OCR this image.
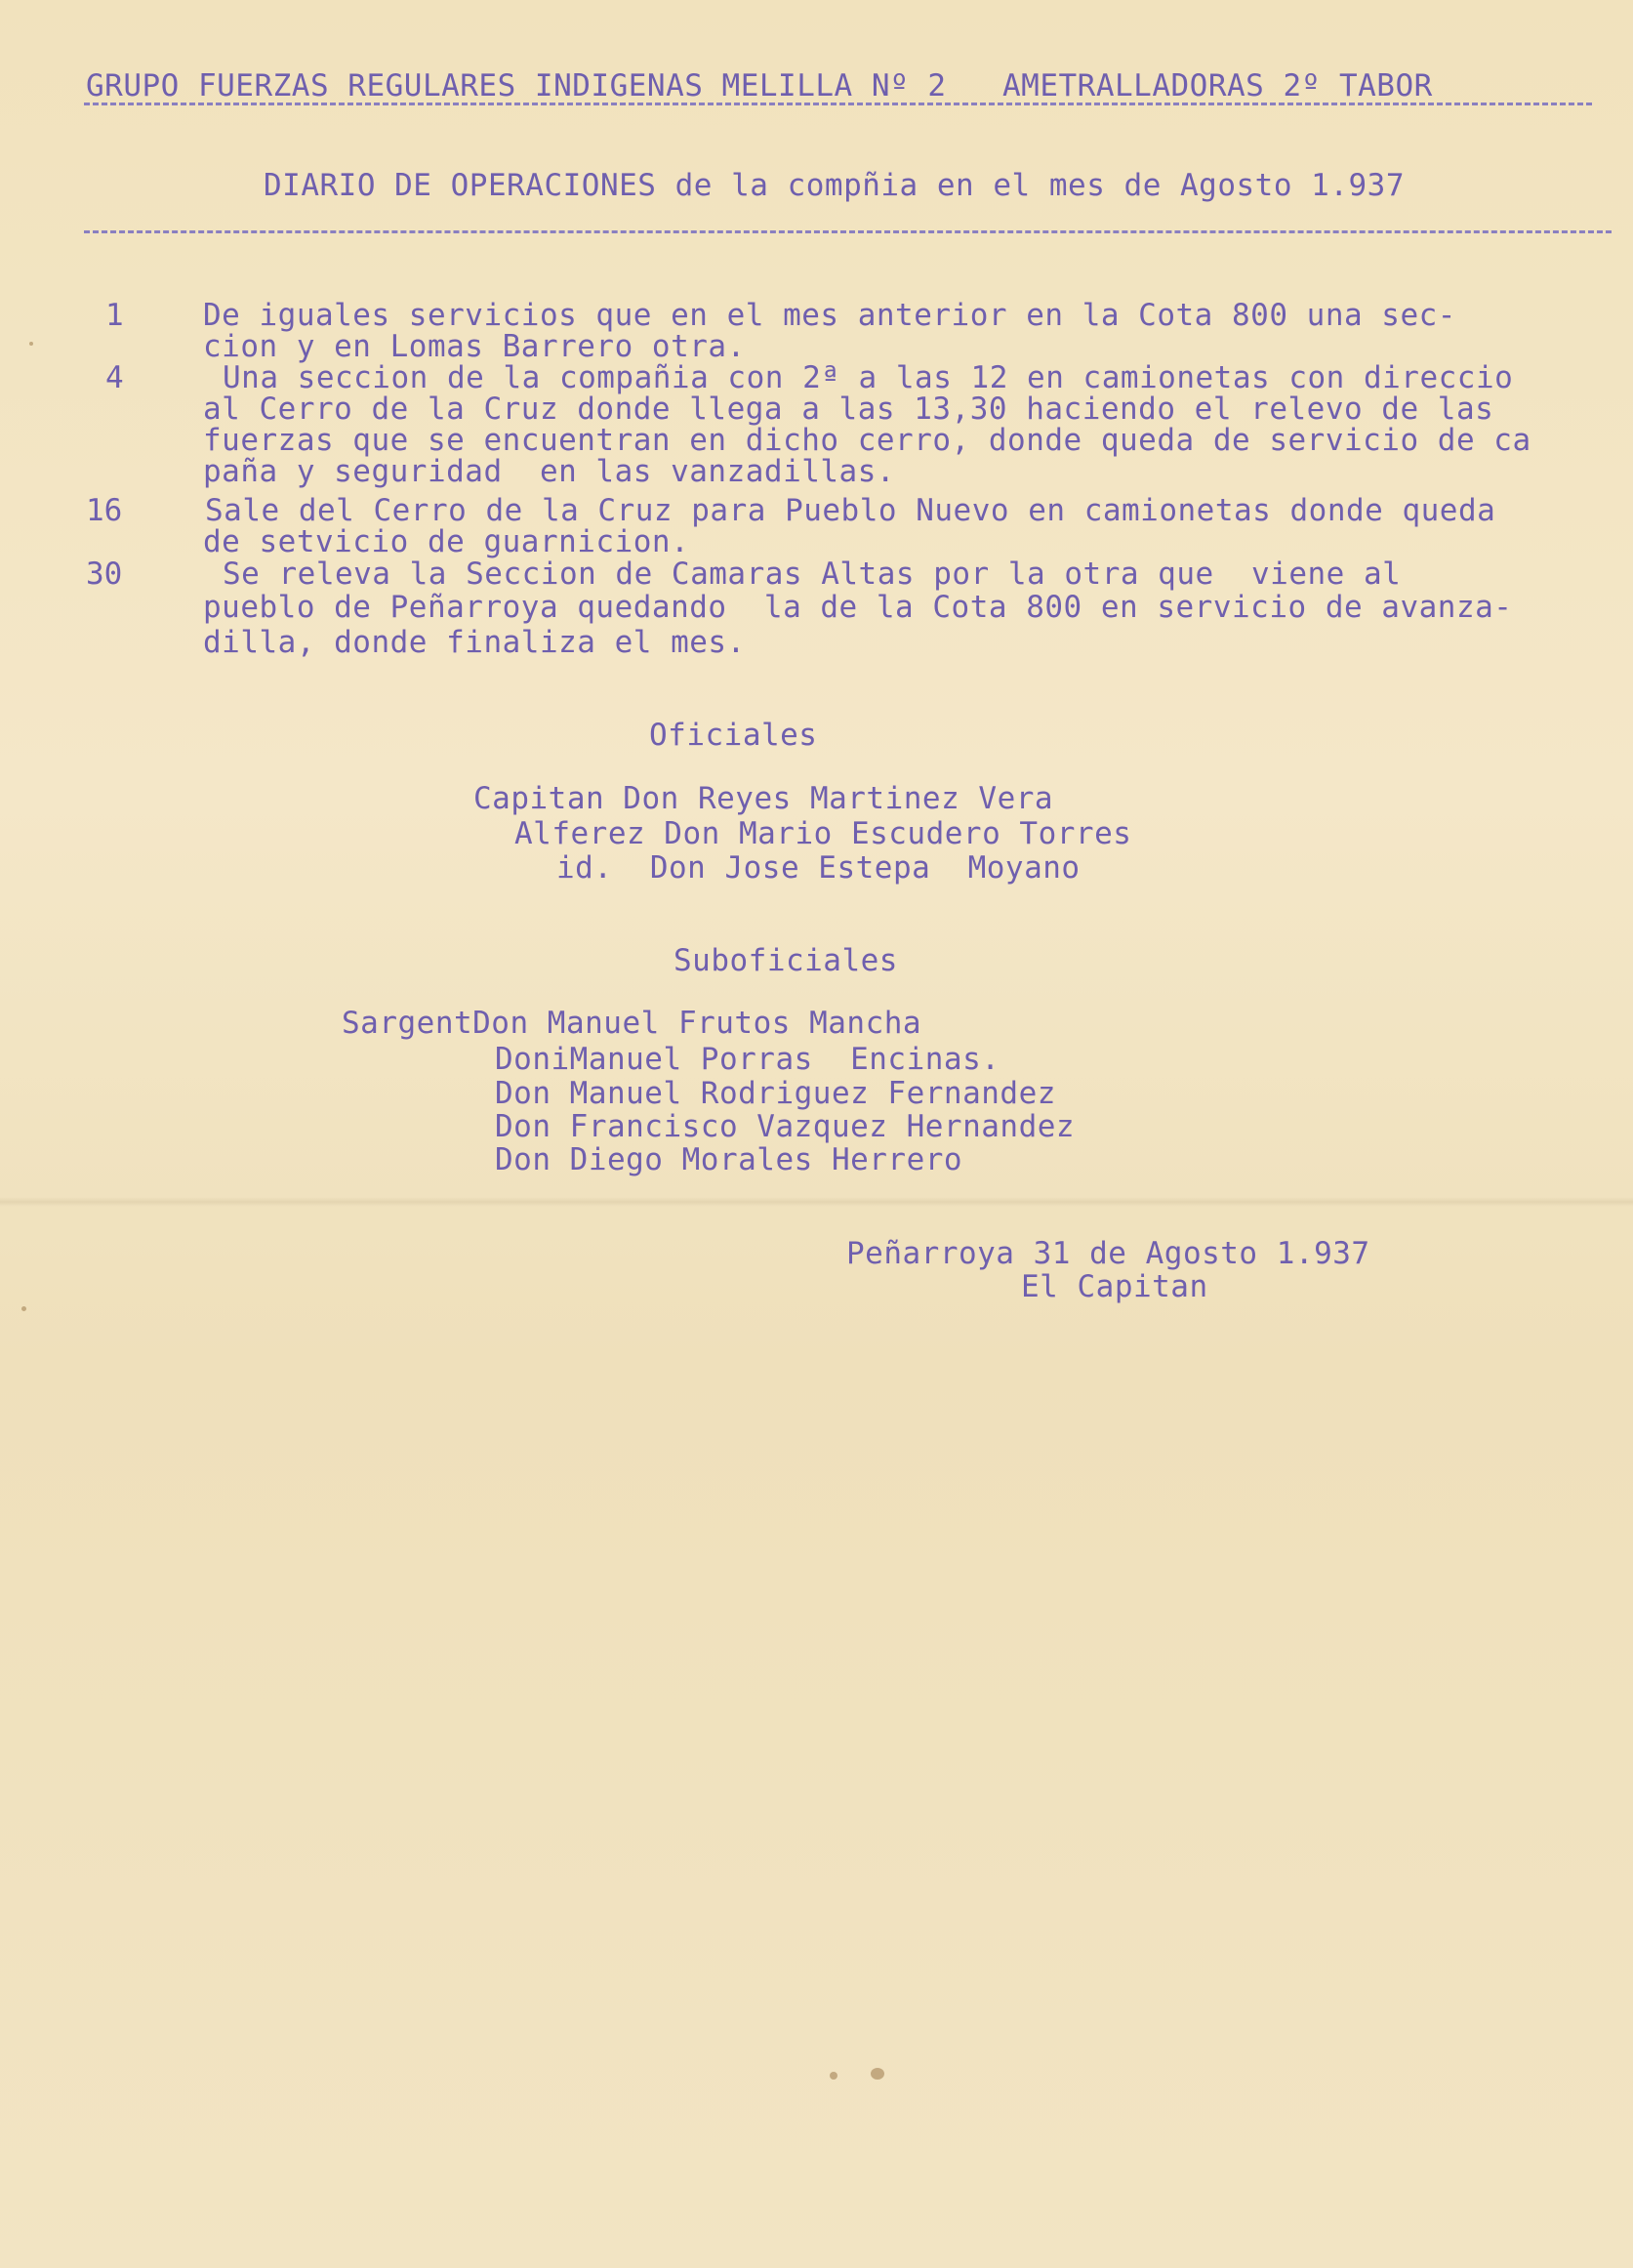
GRUPO FUERZAS REGULARES INDIGENAS MELILLA Nº 2   AMETRALLADORAS 2º TABOR
DIARIO DE OPERACIONES de la compñia en el mes de Agosto 1.937
1	De iguales servicios que en el mes anterior en la Cota 800 una sec-
cion y en Lomas Barrero otra.
4	Una seccion de la compañia con 2ª a las 12 en camionetas con direccio
al Cerro de la Cruz donde llega a las 13,30 haciendo el relevo de las
fuerzas que se encuentran en dicho cerro, donde queda de servicio de ca
paña y seguridad  en las vanzadillas.
16	Sale del Cerro de la Cruz para Pueblo Nuevo en camionetas donde queda
de setvicio de guarnicion.
30	Se releva la Seccion de Camaras Altas por la otra que  viene al
pueblo de Peñarroya quedando  la de la Cota 800 en servicio de avanza-
dilla, donde finaliza el mes.
Oficiales
Capitan Don Reyes Martinez Vera
Alferez Don Mario Escudero Torres
id.  Don Jose Estepa  Moyano
Suboficiales
SargentDon Manuel Frutos Mancha
DoniManuel Porras  Encinas.
Don Manuel Rodriguez Fernandez
Don Francisco Vazquez Hernandez
Don Diego Morales Herrero
Peñarroya 31 de Agosto 1.937
El Capitan
